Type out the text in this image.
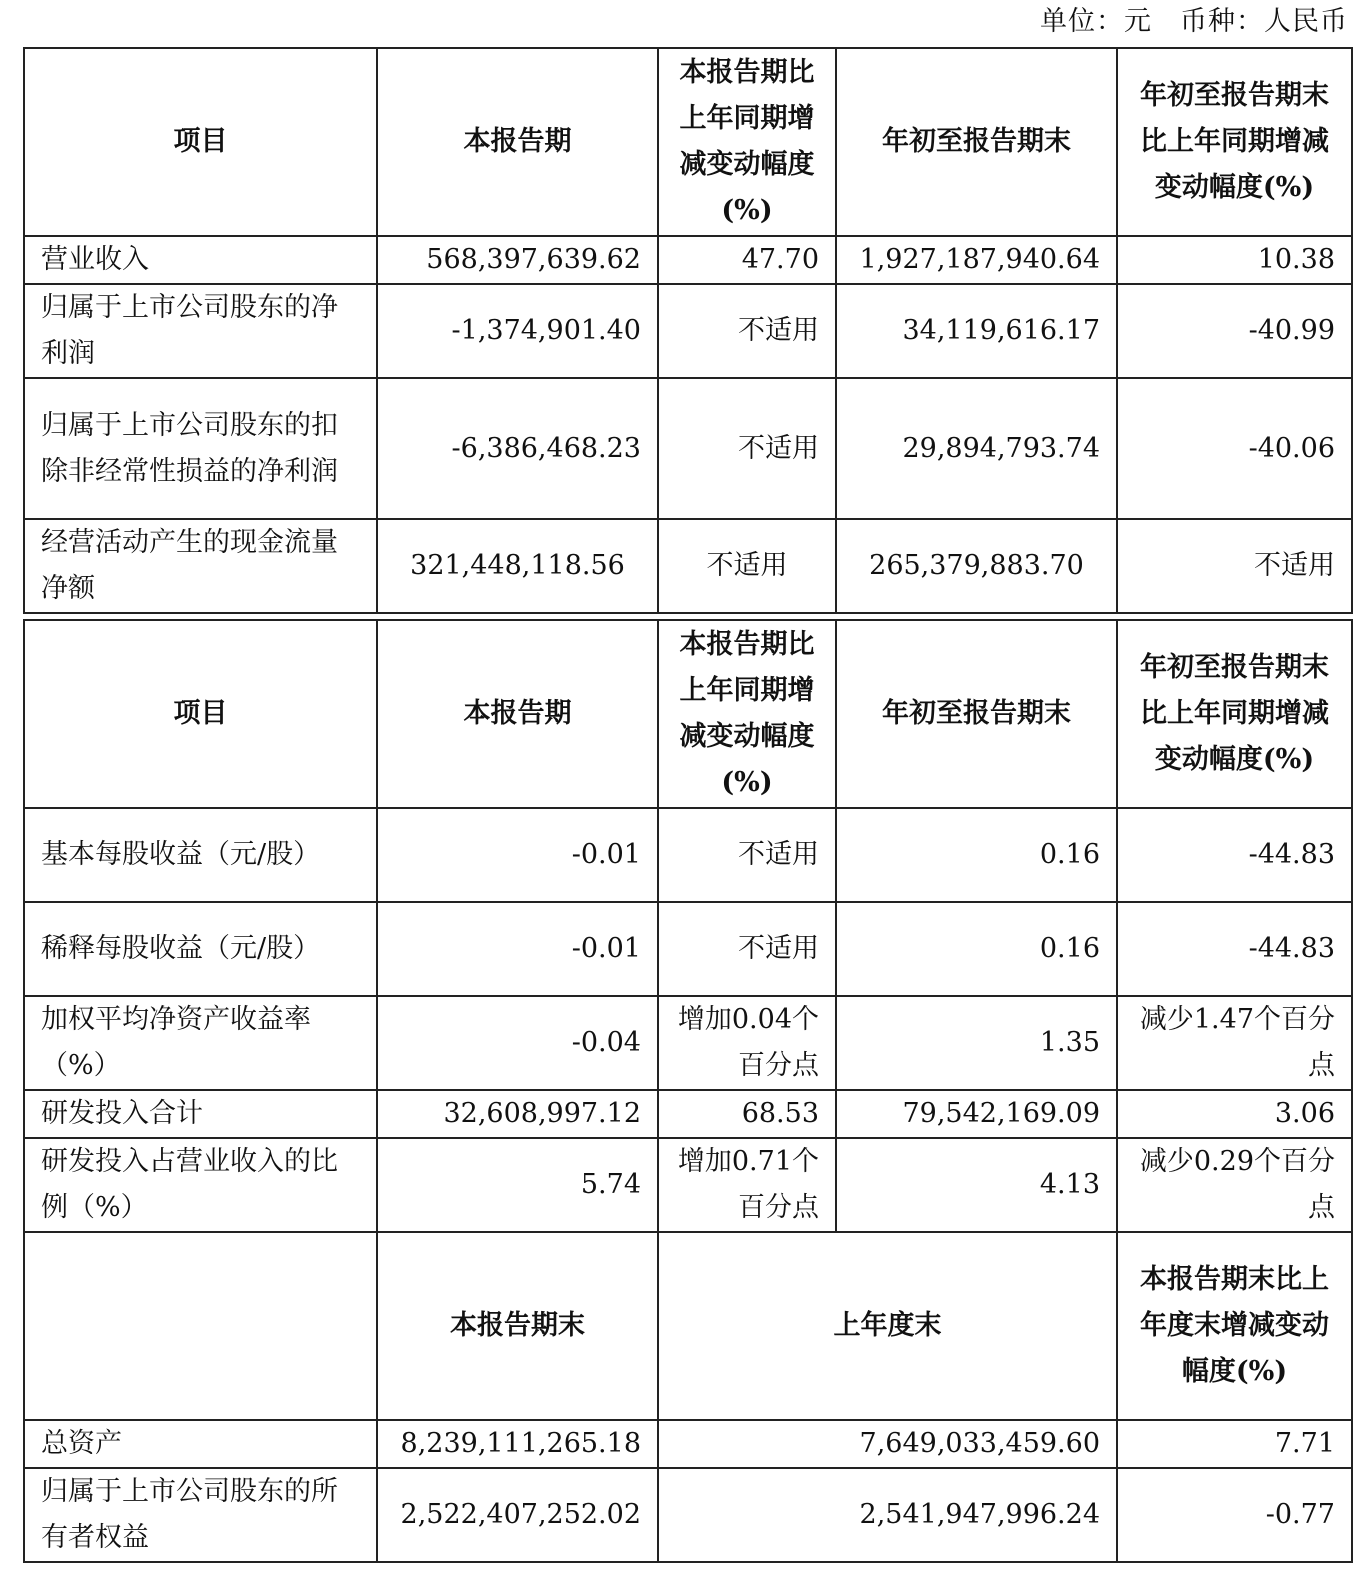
单位：元　币种：人民币
项目	本报告期	本报告期比上年同期增减变动幅度(%)	年初至报告期末	年初至报告期末比上年同期增减变动幅度(%)
营业收入	568,397,639.62	47.70	1,927,187,940.64	10.38
归属于上市公司股东的净利润	-1,374,901.40	不适用	34,119,616.17	-40.99
归属于上市公司股东的扣除非经常性损益的净利润	-6,386,468.23	不适用	29,894,793.74	-40.06
经营活动产生的现金流量净额	321,448,118.56	不适用	265,379,883.70	不适用
项目	本报告期	本报告期比上年同期增减变动幅度(%)	年初至报告期末	年初至报告期末比上年同期增减变动幅度(%)
基本每股收益（元/股）	-0.01	不适用	0.16	-44.83
稀释每股收益（元/股）	-0.01	不适用	0.16	-44.83
加权平均净资产收益率（%）	-0.04	增加0.04个百分点	1.35	减少1.47个百分点
研发投入合计	32,608,997.12	68.53	79,542,169.09	3.06
研发投入占营业收入的比例（%）	5.74	增加0.71个百分点	4.13	减少0.29个百分点
	本报告期末	上年度末		本报告期末比上年度末增减变动幅度(%)
总资产	8,239,111,265.18	7,649,033,459.60		7.71
归属于上市公司股东的所有者权益	2,522,407,252.02	2,541,947,996.24		-0.77
